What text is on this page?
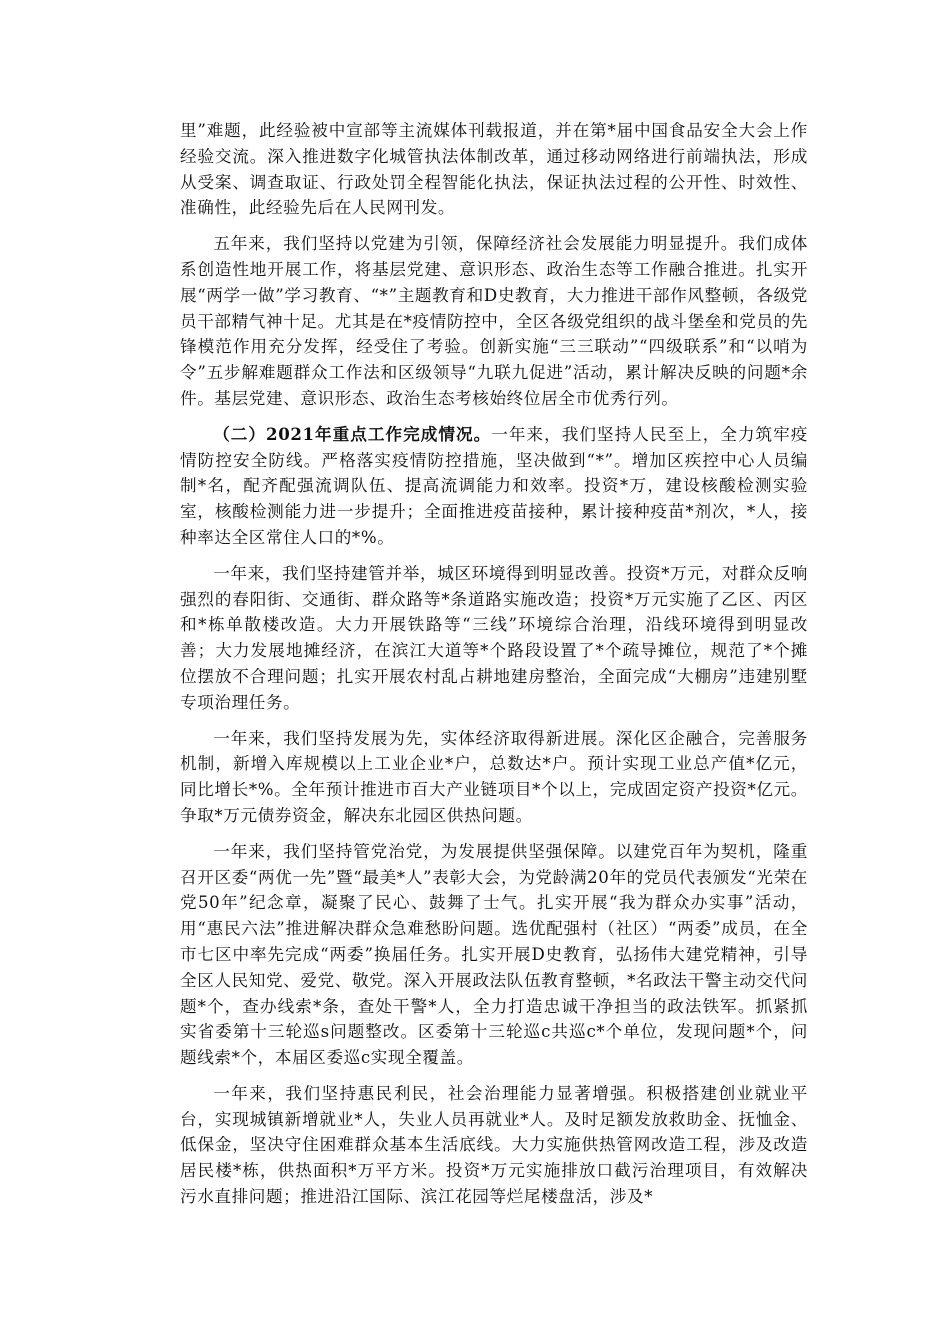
里”难题，此经验被中宣部等主流媒体刊载报道，并在第*届中国食品安全大会上作经验交流。深入推进数字化城管执法体制改革，通过移动网络进行前端执法，形成从受案、调查取证、行政处罚全程智能化执法，保证执法过程的公开性、时效性、准确性，此经验先后在人民网刊发。

五年来，我们坚持以党建为引领，保障经济社会发展能力明显提升。我们成体系创造性地开展工作，将基层党建、意识形态、政治生态等工作融合推进。扎实开展“两学一做”学习教育、“*”主题教育和D史教育，大力推进干部作风整顿，各级党员干部精气神十足。尤其是在*疫情防控中，全区各级党组织的战斗堡垒和党员的先锋模范作用充分发挥，经受住了考验。创新实施“三三联动”“四级联系”和“以哨为令”五步解难题群众工作法和区级领导“九联九促进”活动，累计解决反映的问题*余件。基层党建、意识形态、政治生态考核始终位居全市优秀行列。

（二）2021年重点工作完成情况。一年来，我们坚持人民至上，全力筑牢疫情防控安全防线。严格落实疫情防控措施，坚决做到“*”。增加区疾控中心人员编制*名，配齐配强流调队伍、提高流调能力和效率。投资*万，建设核酸检测实验室，核酸检测能力进一步提升；全面推进疫苗接种，累计接种疫苗*剂次，*人，接种率达全区常住人口的*%。

一年来，我们坚持建管并举，城区环境得到明显改善。投资*万元，对群众反响强烈的春阳街、交通街、群众路等*条道路实施改造；投资*万元实施了乙区、丙区和*栋单散楼改造。大力开展铁路等“三线”环境综合治理，沿线环境得到明显改善；大力发展地摊经济，在滨江大道等*个路段设置了*个疏导摊位，规范了*个摊位摆放不合理问题；扎实开展农村乱占耕地建房整治，全面完成“大棚房”违建别墅专项治理任务。

一年来，我们坚持发展为先，实体经济取得新进展。深化区企融合，完善服务机制，新增入库规模以上工业企业*户，总数达*户。预计实现工业总产值*亿元，同比增长*%。全年预计推进市百大产业链项目*个以上，完成固定资产投资*亿元。争取*万元债券资金，解决东北园区供热问题。

一年来，我们坚持管党治党，为发展提供坚强保障。以建党百年为契机，隆重召开区委“两优一先”暨“最美*人”表彰大会，为党龄满20年的党员代表颁发“光荣在党50年”纪念章，凝聚了民心、鼓舞了士气。扎实开展“我为群众办实事”活动，用“惠民六法”推进解决群众急难愁盼问题。选优配强村（社区）“两委”成员，在全市七区中率先完成“两委”换届任务。扎实开展D史教育，弘扬伟大建党精神，引导全区人民知党、爱党、敬党。深入开展政法队伍教育整顿，*名政法干警主动交代问题*个，查办线索*条，查处干警*人，全力打造忠诚干净担当的政法铁军。抓紧抓实省委第十三轮巡s问题整改。区委第十三轮巡c共巡c*个单位，发现问题*个，问题线索*个，本届区委巡c实现全覆盖。

一年来，我们坚持惠民利民，社会治理能力显著增强。积极搭建创业就业平台，实现城镇新增就业*人，失业人员再就业*人。及时足额发放救助金、抚恤金、低保金，坚决守住困难群众基本生活底线。大力实施供热管网改造工程，涉及改造居民楼*栋，供热面积*万平方米。投资*万元实施排放口截污治理项目，有效解决污水直排问题；推进沿江国际、滨江花园等烂尾楼盘活，涉及*
